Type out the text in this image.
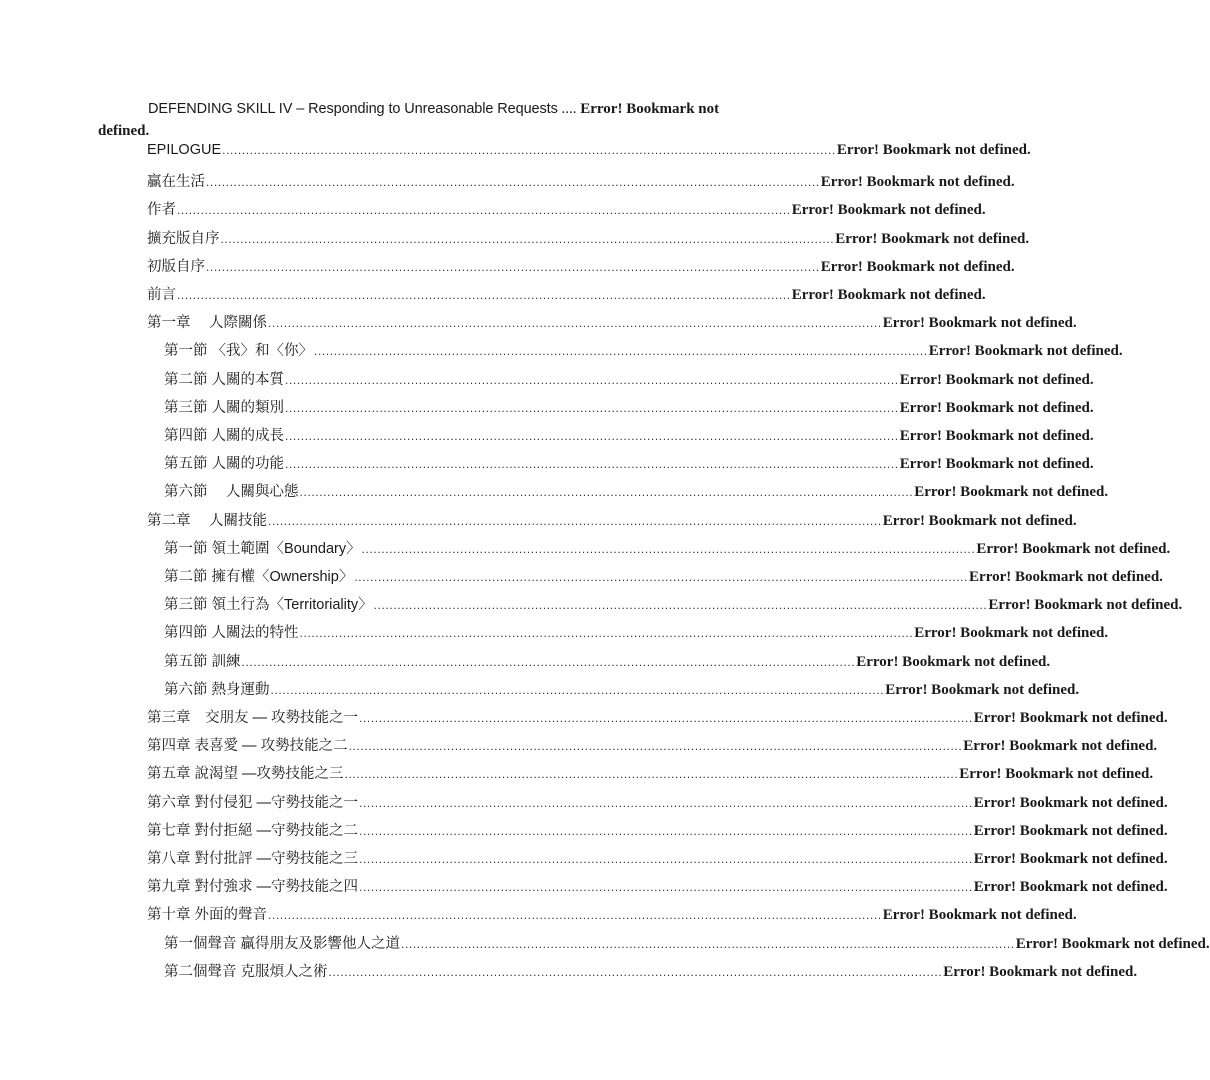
DEFENDING SKILL IV – Responding to Unreasonable Requests .... Error! Bookmark not
defined.
EPILOGUE ............................................................................................................................................................ Error! Bookmark not defined.
贏在生活 ............................................................................................................................................................ Error! Bookmark not defined.
作者 ............................................................................................................................................................ Error! Bookmark not defined.
擴充版自序 ............................................................................................................................................................ Error! Bookmark not defined.
初版自序 ............................................................................................................................................................ Error! Bookmark not defined.
前言 ............................................................................................................................................................ Error! Bookmark not defined.
第一章　 人際關係 ............................................................................................................................................................ Error! Bookmark not defined.
第一節 〈我〉和〈你〉 ............................................................................................................................................................ Error! Bookmark not defined.
第二節 人關的本質 ............................................................................................................................................................ Error! Bookmark not defined.
第三節 人關的類別 ............................................................................................................................................................ Error! Bookmark not defined.
第四節 人關的成長 ............................................................................................................................................................ Error! Bookmark not defined.
第五節 人關的功能 ............................................................................................................................................................ Error! Bookmark not defined.
第六節 　人關與心態 ............................................................................................................................................................ Error! Bookmark not defined.
第二章　 人關技能 ............................................................................................................................................................ Error! Bookmark not defined.
第一節 領土範圍〈Boundary〉 ............................................................................................................................................................ Error! Bookmark not defined.
第二節 擁有權〈Ownership〉 ............................................................................................................................................................ Error! Bookmark not defined.
第三節 領土行為〈Territoriality〉 ............................................................................................................................................................ Error! Bookmark not defined.
第四節 人關法的特性 ............................................................................................................................................................ Error! Bookmark not defined.
第五節 訓練 ............................................................................................................................................................ Error! Bookmark not defined.
第六節 熱身運動 ............................................................................................................................................................ Error! Bookmark not defined.
第三章　交朋友 — 攻勢技能之一 ............................................................................................................................................................ Error! Bookmark not defined.
第四章 表喜愛 — 攻勢技能之二 ............................................................................................................................................................ Error! Bookmark not defined.
第五章 說渴望 —攻勢技能之三 ............................................................................................................................................................ Error! Bookmark not defined.
第六章 對付侵犯 —守勢技能之一 ............................................................................................................................................................ Error! Bookmark not defined.
第七章 對付拒絕 —守勢技能之二 ............................................................................................................................................................ Error! Bookmark not defined.
第八章 對付批評 —守勢技能之三 ............................................................................................................................................................ Error! Bookmark not defined.
第九章 對付強求 —守勢技能之四 ............................................................................................................................................................ Error! Bookmark not defined.
第十章 外面的聲音 ............................................................................................................................................................ Error! Bookmark not defined.
第一個聲音 贏得朋友及影響他人之道 ............................................................................................................................................................ Error! Bookmark not defined.
第二個聲音 克服煩人之術 ............................................................................................................................................................ Error! Bookmark not defined.
